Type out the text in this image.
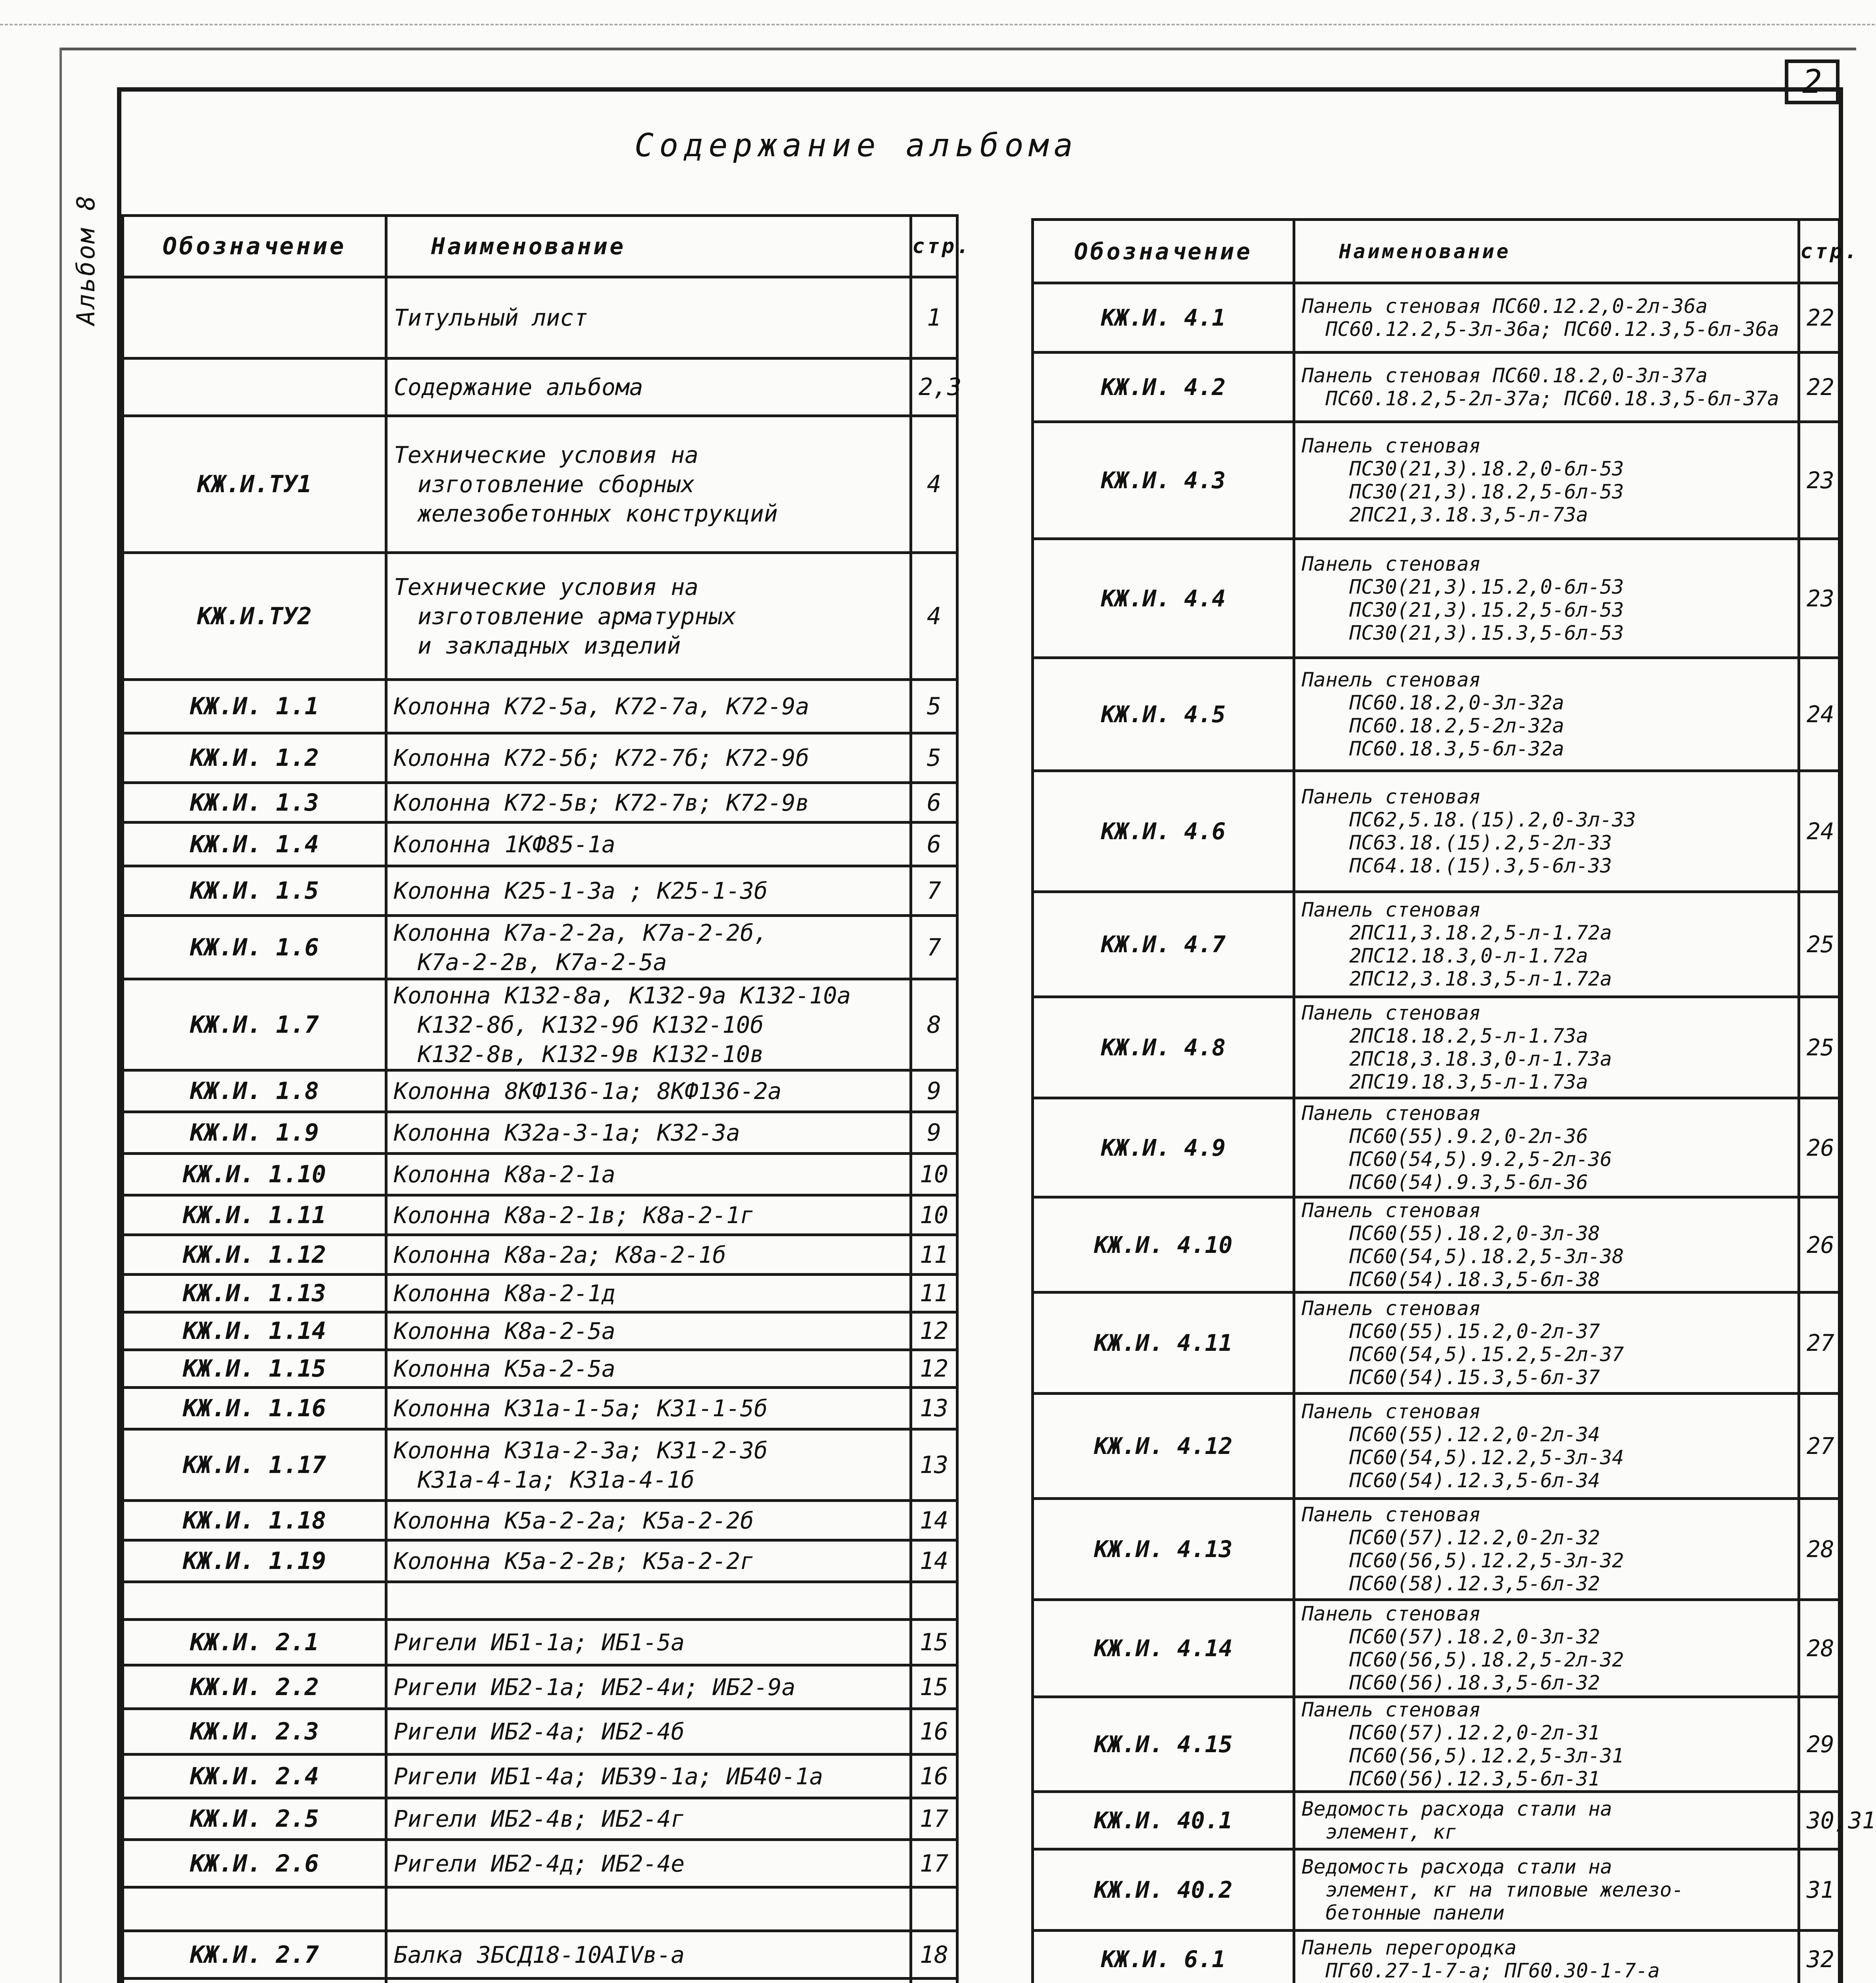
2
Альбом 8
Содержание альбома
Обозначение	Наименование	стр.

	Титульный лист	1

	Содержание альбома	2,3
КЖ.И.ТУ1	Технические условия на
изготовление сборных
железобетонных конструкций	4
КЖ.И.ТУ2	Технические условия на
изготовление арматурных
и закладных изделий	4
КЖ.И. 1.1	Колонна К72-5а, К72-7а, К72-9а	5
КЖ.И. 1.2	Колонна К72-5б; К72-7б; К72-9б	5
КЖ.И. 1.3	Колонна К72-5в; К72-7в; К72-9в	6
КЖ.И. 1.4	Колонна 1КФ85-1а	6
КЖ.И. 1.5	Колонна К25-1-3а ; К25-1-3б	7
КЖ.И. 1.6	Колонна К7а-2-2а, К7а-2-2б,
К7а-2-2в, К7а-2-5а	7
КЖ.И. 1.7	Колонна К132-8а, К132-9а К132-10а
К132-8б, К132-9б К132-10б
К132-8в, К132-9в К132-10в	8
КЖ.И. 1.8	Колонна 8КФ136-1а; 8КФ136-2а	9
КЖ.И. 1.9	Колонна К32а-3-1а; К32-3а	9
КЖ.И. 1.10	Колонна К8а-2-1а	10
КЖ.И. 1.11	Колонна К8а-2-1в; К8а-2-1г	10
КЖ.И. 1.12	Колонна К8а-2а; К8а-2-1б	11
КЖ.И. 1.13	Колонна К8а-2-1д	11
КЖ.И. 1.14	Колонна К8а-2-5а	12
КЖ.И. 1.15	Колонна К5а-2-5а	12
КЖ.И. 1.16	Колонна К31а-1-5а; К31-1-5б	13
КЖ.И. 1.17	Колонна К31а-2-3а; К31-2-3б
К31а-4-1а; К31а-4-1б	13
КЖ.И. 1.18	Колонна К5а-2-2а; К5а-2-2б	14
КЖ.И. 1.19	Колонна К5а-2-2в; К5а-2-2г	14

КЖ.И. 2.1	Ригели ИБ1-1а; ИБ1-5а	15
КЖ.И. 2.2	Ригели ИБ2-1а; ИБ2-4и; ИБ2-9а	15
КЖ.И. 2.3	Ригели ИБ2-4а; ИБ2-4б	16
КЖ.И. 2.4	Ригели ИБ1-4а; ИБ39-1а; ИБ40-1а	16
КЖ.И. 2.5	Ригели ИБ2-4в; ИБ2-4г	17
КЖ.И. 2.6	Ригели ИБ2-4д; ИБ2-4е	17

КЖ.И. 2.7	Балка 3БСД18-10АIVв-а	18

Обозначение	Наименование	стр.
КЖ.И. 4.1	Панель стеновая ПС60.12.2,0-2л-36а
ПС60.12.2,5-3л-36а; ПС60.12.3,5-6л-36а	22
КЖ.И. 4.2	Панель стеновая ПС60.18.2,0-3л-37а
ПС60.18.2,5-2л-37а; ПС60.18.3,5-6л-37а	22
КЖ.И. 4.3	Панель стеновая
ПС30(21,3).18.2,0-6л-53
ПС30(21,3).18.2,5-6л-53
2ПС21,3.18.3,5-л-73а	23
КЖ.И. 4.4	Панель стеновая
ПС30(21,3).15.2,0-6л-53
ПС30(21,3).15.2,5-6л-53
ПС30(21,3).15.3,5-6л-53	23
КЖ.И. 4.5	Панель стеновая
ПС60.18.2,0-3л-32а
ПС60.18.2,5-2л-32а
ПС60.18.3,5-6л-32а	24
КЖ.И. 4.6	Панель стеновая
ПС62,5.18.(15).2,0-3л-33
ПС63.18.(15).2,5-2л-33
ПС64.18.(15).3,5-6л-33	24
КЖ.И. 4.7	Панель стеновая
2ПС11,3.18.2,5-л-1.72а
2ПС12.18.3,0-л-1.72а
2ПС12,3.18.3,5-л-1.72а	25
КЖ.И. 4.8	Панель стеновая
2ПС18.18.2,5-л-1.73а
2ПС18,3.18.3,0-л-1.73а
2ПС19.18.3,5-л-1.73а	25
КЖ.И. 4.9	Панель стеновая
ПС60(55).9.2,0-2л-36
ПС60(54,5).9.2,5-2л-36
ПС60(54).9.3,5-6л-36	26
КЖ.И. 4.10	Панель стеновая
ПС60(55).18.2,0-3л-38
ПС60(54,5).18.2,5-3л-38
ПС60(54).18.3,5-6л-38	26
КЖ.И. 4.11	Панель стеновая
ПС60(55).15.2,0-2л-37
ПС60(54,5).15.2,5-2л-37
ПС60(54).15.3,5-6л-37	27
КЖ.И. 4.12	Панель стеновая
ПС60(55).12.2,0-2л-34
ПС60(54,5).12.2,5-3л-34
ПС60(54).12.3,5-6л-34	27
КЖ.И. 4.13	Панель стеновая
ПС60(57).12.2,0-2л-32
ПС60(56,5).12.2,5-3л-32
ПС60(58).12.3,5-6л-32	28
КЖ.И. 4.14	Панель стеновая
ПС60(57).18.2,0-3л-32
ПС60(56,5).18.2,5-2л-32
ПС60(56).18.3,5-6л-32	28
КЖ.И. 4.15	Панель стеновая
ПС60(57).12.2,0-2л-31
ПС60(56,5).12.2,5-3л-31
ПС60(56).12.3,5-6л-31	29
КЖ.И. 40.1	Ведомость расхода стали на
элемент, кг	30,31
КЖ.И. 40.2	Ведомость расхода стали на
элемент, кг на типовые железо-
бетонные панели	31
КЖ.И. 6.1	Панель перегородка
ПГ60.27-1-7-а; ПГ60.30-1-7-а	32
